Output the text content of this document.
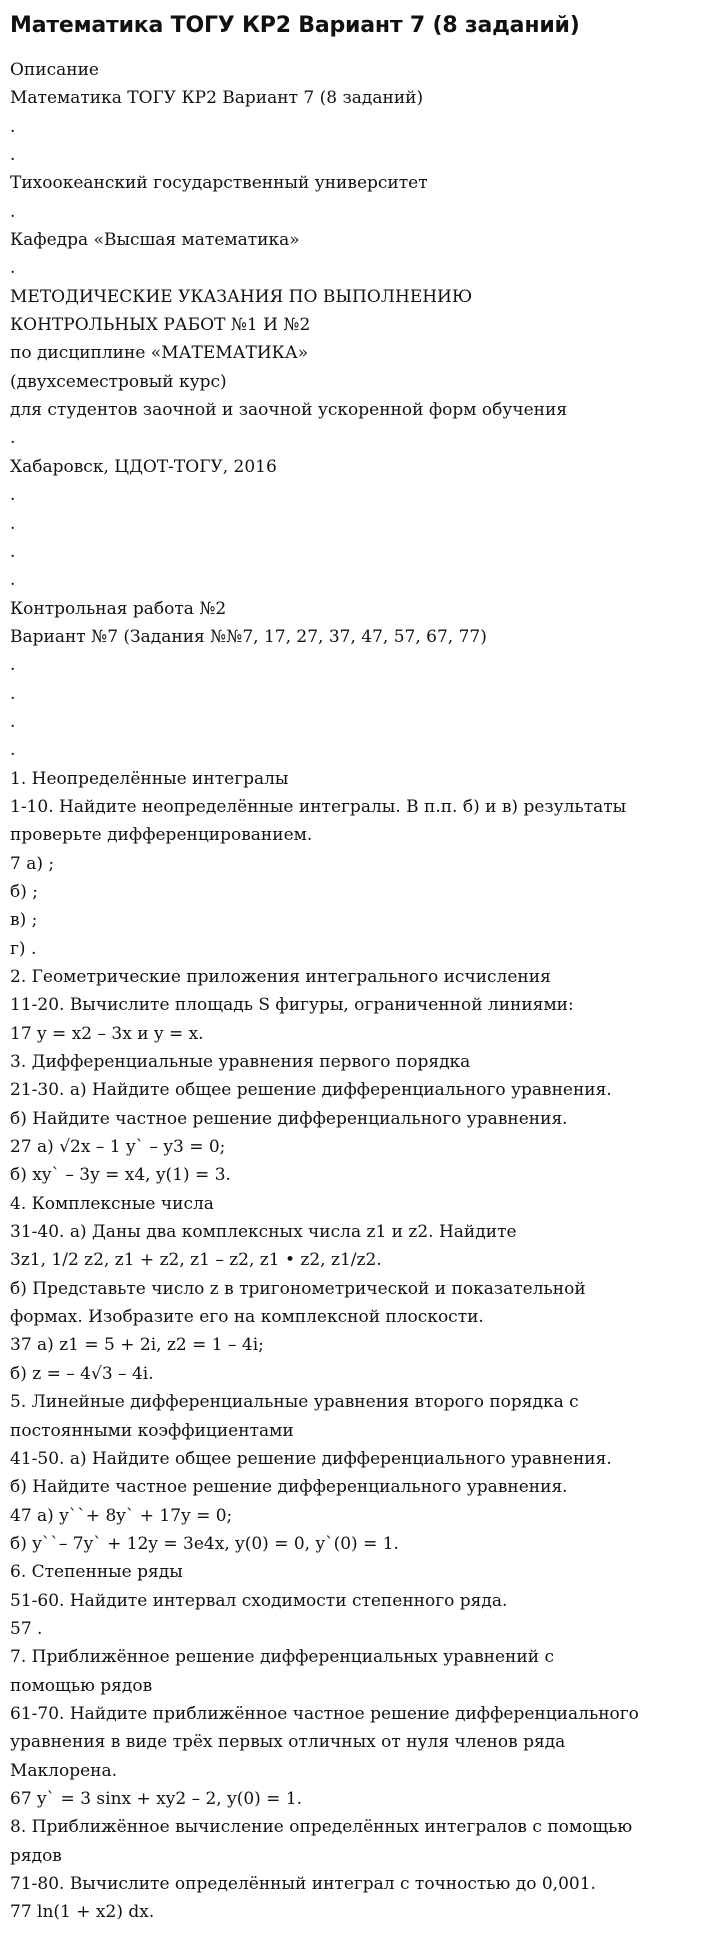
Математика ТОГУ КР2 Вариант 7 (8 заданий)

Описание

Математика ТОГУ КР2 Вариант 7 (8 заданий)

.

.

Тихоокеанский государственный университет

.

Кафедра «Высшая математика»

.

МЕТОДИЧЕСКИЕ УКАЗАНИЯ ПО ВЫПОЛНЕНИЮ

КОНТРОЛЬНЫХ РАБОТ №1 И №2

по дисциплине «МАТЕМАТИКА»

(двухсеместровый курс)

для студентов заочной и заочной ускоренной форм обучения

.

Хабаровск, ЦДОТ-ТОГУ, 2016

.

.

.

.

Контрольная работа №2

Вариант №7 (Задания №№7, 17, 27, 37, 47, 57, 67, 77)

.

.

.

.

1. Неопределённые интегралы

1-10. Найдите неопределённые интегралы. В п.п. б) и в) результаты

проверьте дифференцированием.

7 а) ;

б) ;

в) ;

г) .

2. Геометрические приложения интегрального исчисления

11-20. Вычислите площадь S фигуры, ограниченной линиями:

17 y = x2 – 3x и y = x.

3. Дифференциальные уравнения первого порядка

21-30. а) Найдите общее решение дифференциального уравнения.

б) Найдите частное решение дифференциального уравнения.

27 а) √2x – 1 y` – y3 = 0;

б) xy` – 3y = x4, y(1) = 3.

4. Комплексные числа

31-40. а) Даны два комплексных числа z1 и z2. Найдите

3z1, 1/2 z2, z1 + z2, z1 – z2, z1 • z2, z1/z2.

б) Представьте число z в тригонометрической и показательной

формах. Изобразите его на комплексной плоскости.

37 а) z1 = 5 + 2i, z2 = 1 – 4i;

б) z = – 4√3 – 4i.

5. Линейные дифференциальные уравнения второго порядка с

постоянными коэффициентами

41-50. а) Найдите общее решение дифференциального уравнения.

б) Найдите частное решение дифференциального уравнения.

47 а) y``+ 8y` + 17y = 0;

б) y``– 7y` + 12y = 3e4x, y(0) = 0, y`(0) = 1.

6. Степенные ряды

51-60. Найдите интервал сходимости степенного ряда.

57 .

7. Приближённое решение дифференциальных уравнений с

помощью рядов

61-70. Найдите приближённое частное решение дифференциального

уравнения в виде трёх первых отличных от нуля членов ряда

Маклорена.

67 y` = 3 sinx + xy2 – 2, y(0) = 1.

8. Приближённое вычисление определённых интегралов с помощью

рядов

71-80. Вычислите определённый интеграл с точностью до 0,001.

77 ln(1 + x2) dx.
